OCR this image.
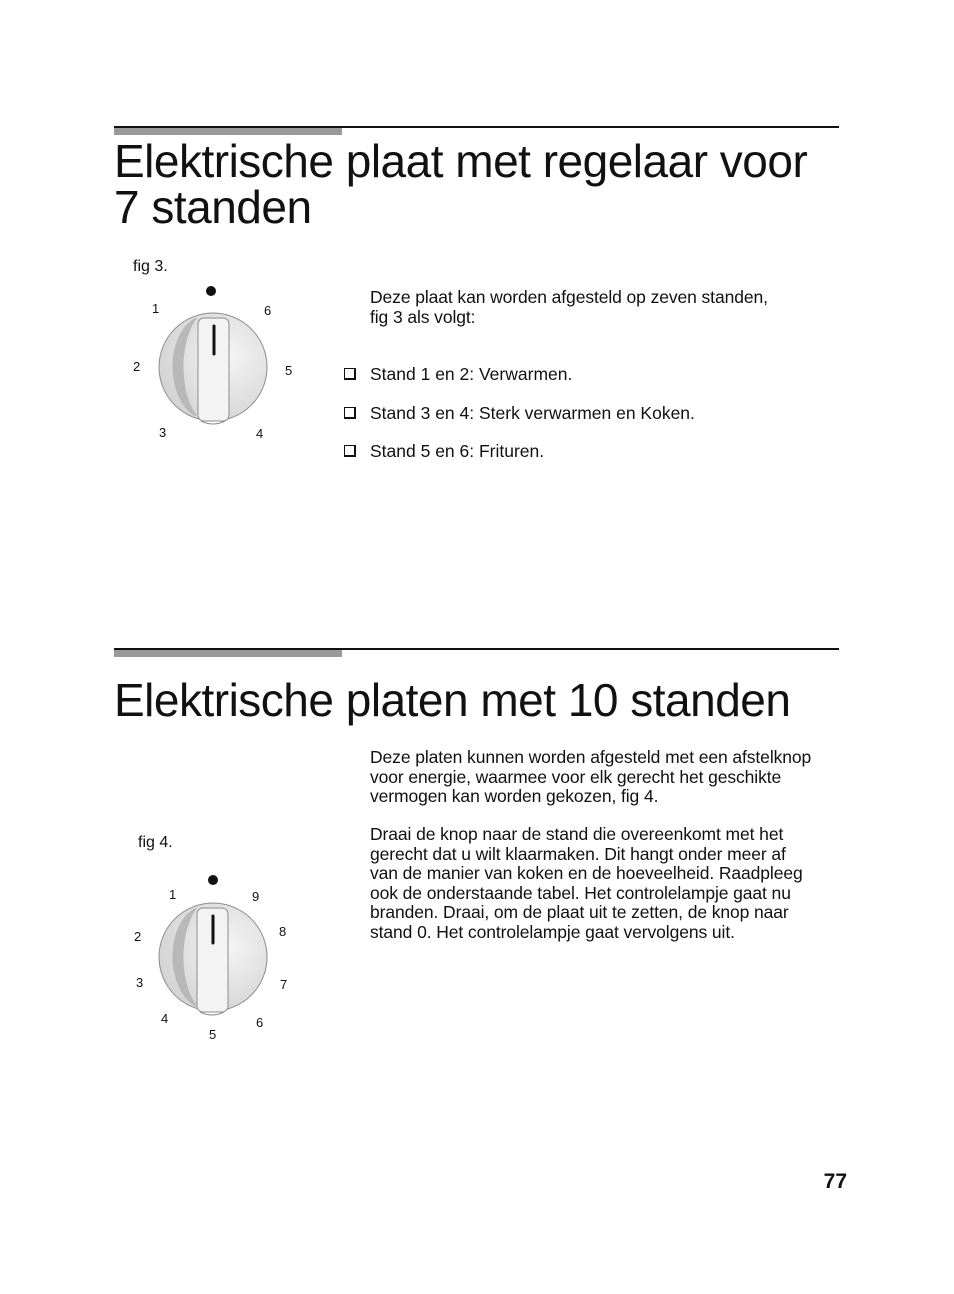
Elektrische plaat met regelaar voor
7 standen
fig 3.
1	6
2	5
3	4

Deze plaat kan worden afgesteld op zeven standen,
fig 3 als volgt:

Stand 1 en 2: Verwarmen.
Stand 3 en 4: Sterk verwarmen en Koken.
Stand 5 en 6: Frituren.
Elektrische platen met 10 standen

Deze platen kunnen worden afgesteld met een afstelknop
voor energie, waarmee voor elk gerecht het geschikte
vermogen kan worden gekozen, fig 4.

Draai de knop naar de stand die overeenkomt met het
gerecht dat u wilt klaarmaken. Dit hangt onder meer af
van de manier van koken en de hoeveelheid. Raadpleeg
ook de onderstaande tabel. Het controlelampje gaat nu
branden. Draai, om de plaat uit te zetten, de knop naar
stand 0. Het controlelampje gaat vervolgens uit.

fig 4.
1	9
2	8
3	7
4	6
5
77
